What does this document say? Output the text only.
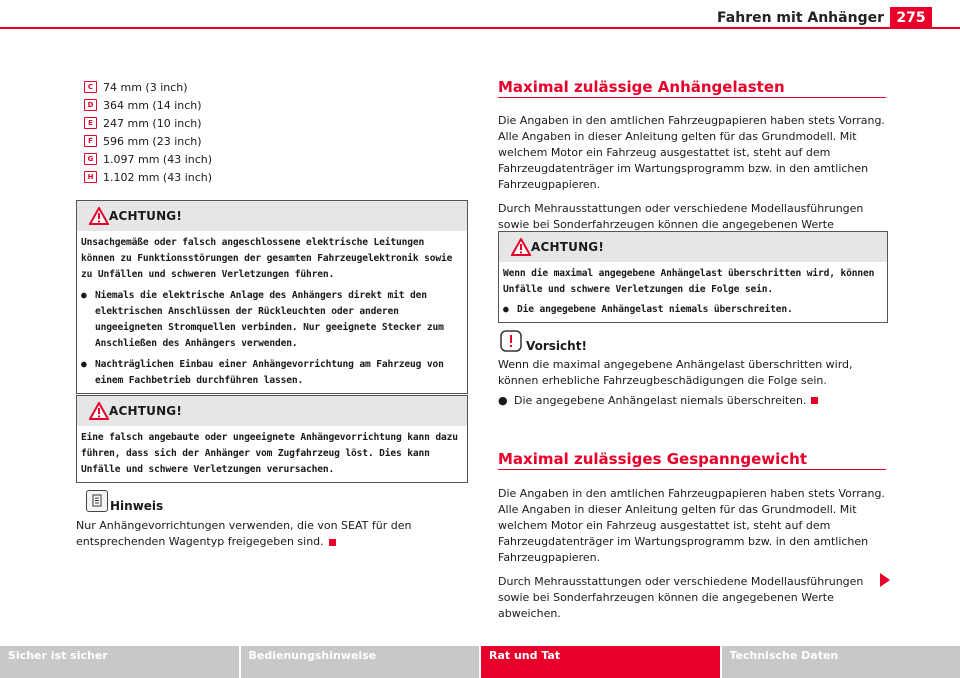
Fahren mit Anhänger 275
C 74 mm (3 inch)
D 364 mm (14 inch)
E 247 mm (10 inch)
F 596 mm (23 inch)
G 1.097 mm (43 inch)
H 1.102 mm (43 inch)
ACHTUNG!

Unsachgemäße oder falsch angeschlossene elektrische Leitungen können zu Funktionsstörungen der gesamten Fahrzeugelektronik sowie zu Unfällen und schweren Verletzungen führen.

● Niemals die elektrische Anlage des Anhängers direkt mit den elektrischen Anschlüssen der Rückleuchten oder anderen ungeeigneten Stromquellen verbinden. Nur geeignete Stecker zum Anschließen des Anhängers verwenden.
● Nachträglichen Einbau einer Anhängevorrichtung am Fahrzeug von einem Fachbetrieb durchführen lassen.
ACHTUNG!

Eine falsch angebaute oder ungeeignete Anhängevorrichtung kann dazu führen, dass sich der Anhänger vom Zugfahrzeug löst. Dies kann Unfälle und schwere Verletzungen verursachen.

Hinweis
Nur Anhängevorrichtungen verwenden, die von SEAT für den entsprechenden Wagentyp freigegeben sind.
Maximal zulässige Anhängelasten

Die Angaben in den amtlichen Fahrzeugpapieren haben stets Vorrang. Alle Angaben in dieser Anleitung gelten für das Grundmodell. Mit welchem Motor ein Fahrzeug ausgestattet ist, steht auf dem Fahrzeugdatenträger im Wartungsprogramm bzw. in den amtlichen Fahrzeugpapieren.

Durch Mehrausstattungen oder verschiedene Modellausführungen sowie bei Sonderfahrzeugen können die angegebenen Werte

ACHTUNG!

Wenn die maximal angegebene Anhängelast überschritten wird, können Unfälle und schwere Verletzungen die Folge sein.

● Die angegebene Anhängelast niemals überschreiten.
Vorsicht!

Wenn die maximal angegebene Anhängelast überschritten wird, können erhebliche Fahrzeugbeschädigungen die Folge sein.

● Die angegebene Anhängelast niemals überschreiten.
Maximal zulässiges Gespanngewicht

Die Angaben in den amtlichen Fahrzeugpapieren haben stets Vorrang. Alle Angaben in dieser Anleitung gelten für das Grundmodell. Mit welchem Motor ein Fahrzeug ausgestattet ist, steht auf dem Fahrzeugdatenträger im Wartungsprogramm bzw. in den amtlichen Fahrzeugpapieren.

Durch Mehrausstattungen oder verschiedene Modellausführungen sowie bei Sonderfahrzeugen können die angegebenen Werte abweichen.

Sicher ist sicher	Bedienungshinweise	Rat und Tat	Technische Daten
